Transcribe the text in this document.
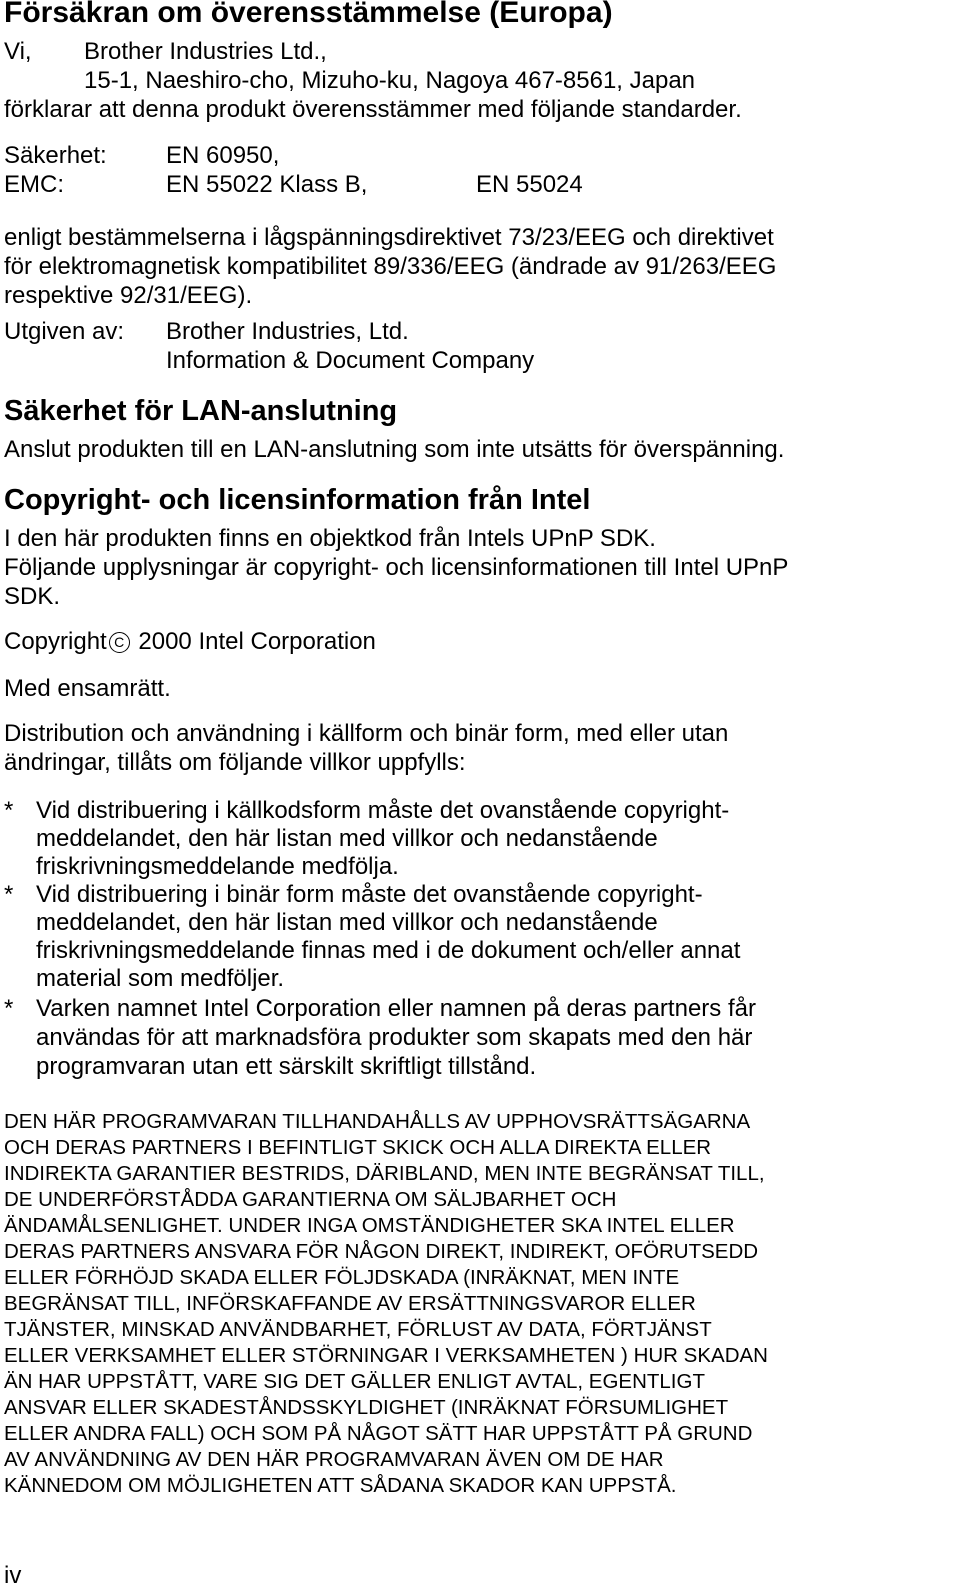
Försäkran om överensstämmelse (Europa)
Vi, Brother Industries Ltd.,
15-1, Naeshiro-cho, Mizuho-ku, Nagoya 467-8561, Japan
förklarar att denna produkt överensstämmer med följande standarder.
Säkerhet: EN 60950,
EMC:	EN 55022 Klass B,	EN 55024
enligt bestämmelserna i lågspänningsdirektivet 73/23/EEG och direktivet
för elektromagnetisk kompatibilitet 89/336/EEG (ändrade av 91/263/EEG
respektive 92/31/EEG).
Utgiven av: Brother Industries, Ltd.
Information & Document Company
Säkerhet för LAN-anslutning
Anslut produkten till en LAN-anslutning som inte utsätts för överspänning.
Copyright- och licensinformation från Intel
I den här produkten finns en objektkod från Intels UPnP SDK.
Följande upplysningar är copyright- och licensinformationen till Intel UPnP
SDK.
Copyright C 2000 Intel Corporation
Med ensamrätt.
Distribution och användning i källform och binär form, med eller utan
ändringar, tillåts om följande villkor uppfylls:
* Vid distribuering i källkodsform måste det ovanstående copyright-
meddelandet, den här listan med villkor och nedanstående
friskrivningsmeddelande medfölja.
* Vid distribuering i binär form måste det ovanstående copyright-
meddelandet, den här listan med villkor och nedanstående
friskrivningsmeddelande finnas med i de dokument och/eller annat
material som medföljer.
* Varken namnet Intel Corporation eller namnen på deras partners får
användas för att marknadsföra produkter som skapats med den här
programvaran utan ett särskilt skriftligt tillstånd.
DEN HÄR PROGRAMVARAN TILLHANDAHÅLLS AV UPPHOVSRÄTTSÄGARNA
OCH DERAS PARTNERS I BEFINTLIGT SKICK OCH ALLA DIREKTA ELLER
INDIREKTA GARANTIER BESTRIDS, DÄRIBLAND, MEN INTE BEGRÄNSAT TILL,
DE UNDERFÖRSTÅDDA GARANTIERNA OM SÄLJBARHET OCH
ÄNDAMÅLSENLIGHET. UNDER INGA OMSTÄNDIGHETER SKA INTEL ELLER
DERAS PARTNERS ANSVARA FÖR NÅGON DIREKT, INDIREKT, OFÖRUTSEDD
ELLER FÖRHÖJD SKADA ELLER FÖLJDSKADA (INRÄKNAT, MEN INTE
BEGRÄNSAT TILL, INFÖRSKAFFANDE AV ERSÄTTNINGSVAROR ELLER
TJÄNSTER, MINSKAD ANVÄNDBARHET, FÖRLUST AV DATA, FÖRTJÄNST
ELLER VERKSAMHET ELLER STÖRNINGAR I VERKSAMHETEN ) HUR SKADAN
ÄN HAR UPPSTÅTT, VARE SIG DET GÄLLER ENLIGT AVTAL, EGENTLIGT
ANSVAR ELLER SKADESTÅNDSSKYLDIGHET (INRÄKNAT FÖRSUMLIGHET
ELLER ANDRA FALL) OCH SOM PÅ NÅGOT SÄTT HAR UPPSTÅTT PÅ GRUND
AV ANVÄNDNING AV DEN HÄR PROGRAMVARAN ÄVEN OM DE HAR
KÄNNEDOM OM MÖJLIGHETEN ATT SÅDANA SKADOR KAN UPPSTÅ.
iv
